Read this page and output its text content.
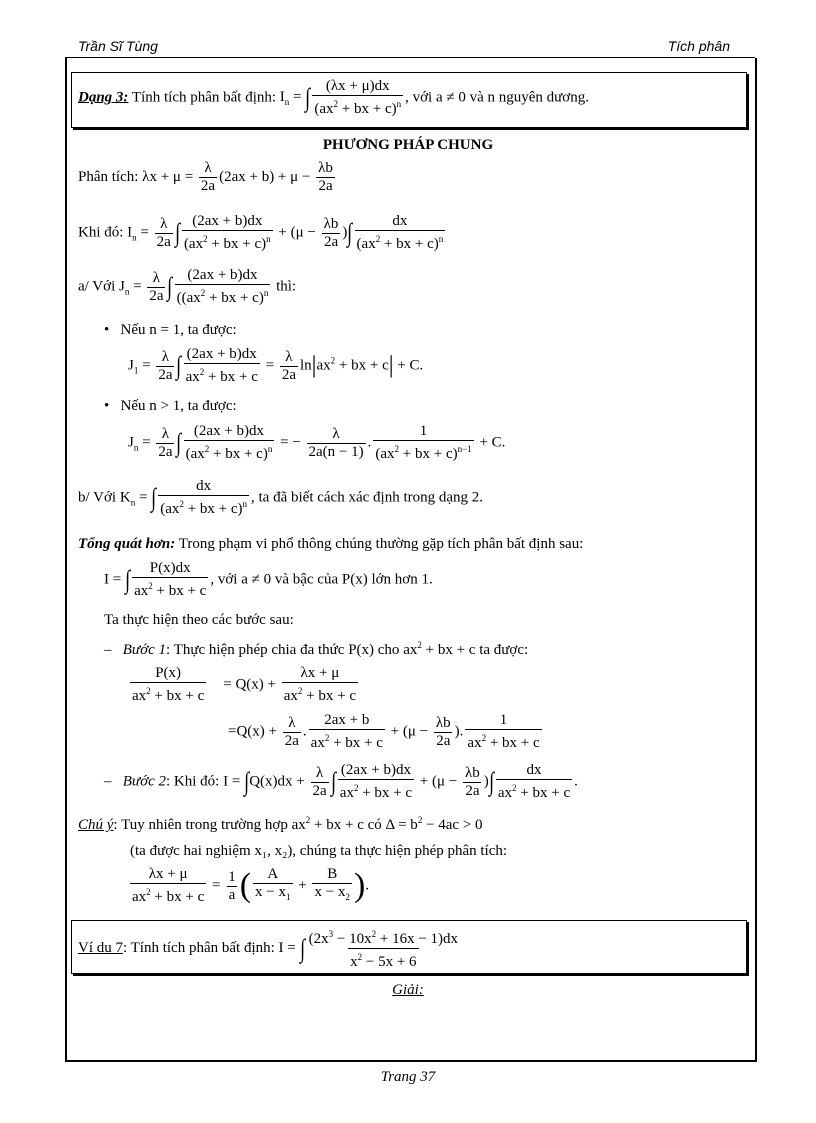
Trần Sĩ Tùng	Tích phân
Dạng 3: Tính tích phân bất định: $I_n$ = ∫ $\frac{(\lambda x + \mu)dx}{(ax^2 + bx + c)^n}$ , với a ≠ 0 và n nguyên dương.
PHƯƠNG PHÁP CHUNG
Phân tích: $\lambda x + \mu = \frac{\lambda}{2a} (2ax + b) + \mu - \frac{\lambda b}{2a}$
Khi đó: $I_n = \frac{\lambda}{2a}$ ∫ $\frac{(2ax + b)dx}{(ax^2 + bx + c)^n} + (\mu - \frac{\lambda b}{2a}$ )∫ $\frac{dx}{(ax^2 + bx + c)^n}$
a/ Với $J_n = \frac{\lambda}{2a}$ ∫ $\frac{(2ax + b)dx}{((ax^2 + bx + c)^n}$ thì:
•   Nếu n = 1, ta được:
$J_1 = \frac{\lambda}{2a}$ ∫ $\frac{(2ax + b)dx}{ax^2 + bx + c} = \frac{\lambda}{2a} \ln|ax^2$ + bx + c| + C.
•   Nếu n > 1, ta được:
$J_n = \frac{\lambda}{2a}$ ∫ $\frac{(2ax + b)dx}{(ax^2 + bx + c)^n}$ = − $\frac{\lambda}{2a(n - 1)}$ . $\frac{1}{(ax^2 + bx + c)^{n-1}} + C$.
b/ Với $K_n$ = ∫ $\frac{dx}{(ax^2 + bx + c)^n}$ , ta đã biết cách xác định trong dạng 2.
Tổng quát hơn: Trong phạm vi phổ thông chúng thường gặp tích phân bất định sau:
I = ∫ $\frac{P(x)dx}{ax^2 + bx + c}$ , với a ≠ 0 và bậc của P(x) lớn hơn 1.
Ta thực hiện theo các bước sau:
–   Bước 1: Thực hiện phép chia đa thức P(x) cho $ax^2$ + bx + c ta được:
$\frac{P(x)}{ax^2 + bx + c} = Q(x) + \frac{\lambda x + \mu}{ax^2 + bx + c}$
$=Q(x) + \frac{\lambda}{2a}$ . $\frac{2ax + b}{ax^2 + bx + c} + (\mu - \frac{\lambda b}{2a}$ ). $\frac{1}{ax^2 + bx + c}$
–   Bước 2: Khi đó: $I = \int Q(x)dx + \frac{\lambda}{2a}$ ∫ $\frac{(2ax + b)dx}{ax^2 + bx + c} + (\mu - \frac{\lambda b}{2a}$ )∫ $\frac{dx}{ax^2 + bx + c}$ .
Chú ý: Tuy nhiên trong trường hợp $ax^2$ + bx + c có $\Delta = b^2 - 4ac > 0$
(ta được hai nghiệm x₁, x₂), chúng ta thực hiện phép phân tích:
$\frac{\lambda x + \mu}{ax^2 + bx + c} = \frac{1}{a}$ ( $\frac{A}{x - x_1} + \frac{B}{x - x_2}$ ).
Ví du 7: Tính tích phân bất định: I = ∫ $\frac{(2x^3 - 10x^2 + 16x - 1)dx}{x^2 - 5x + 6}$
Giải:
Trang 37
